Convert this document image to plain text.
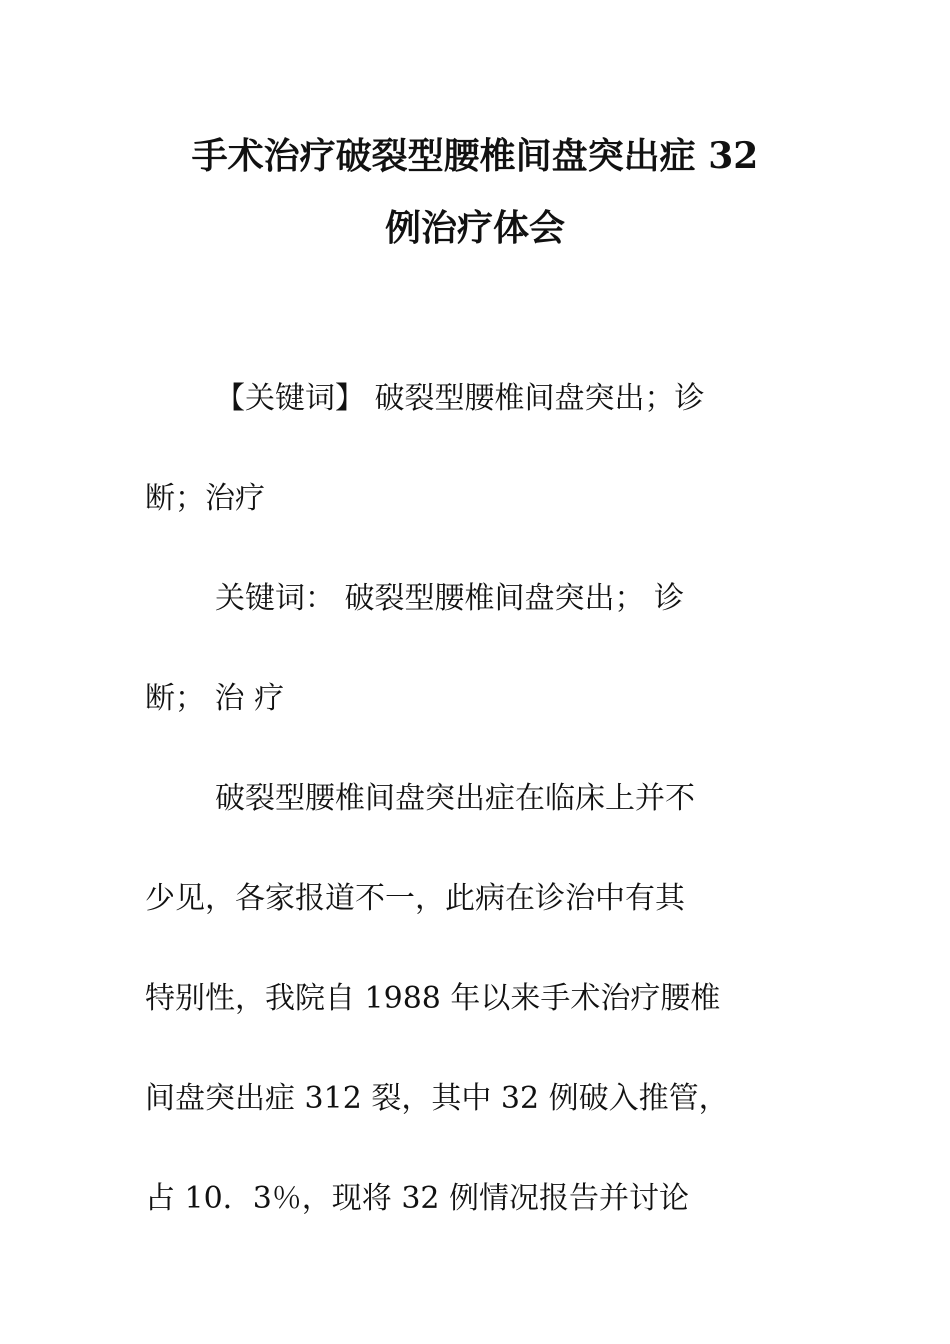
手术治疗破裂型腰椎间盘突出症 32
例治疗体会

【关键词】 破裂型腰椎间盘突出；诊

断；治疗

关键词： 破裂型腰椎间盘突出； 诊

断； 治 疗

破裂型腰椎间盘突出症在临床上并不

少见，各家报道不一，此病在诊治中有其

特别性，我院自 1988 年以来手术治疗腰椎

间盘突出症 312 裂，其中 32 例破入推管，

占 10．3％，现将 32 例情况报告并讨论
